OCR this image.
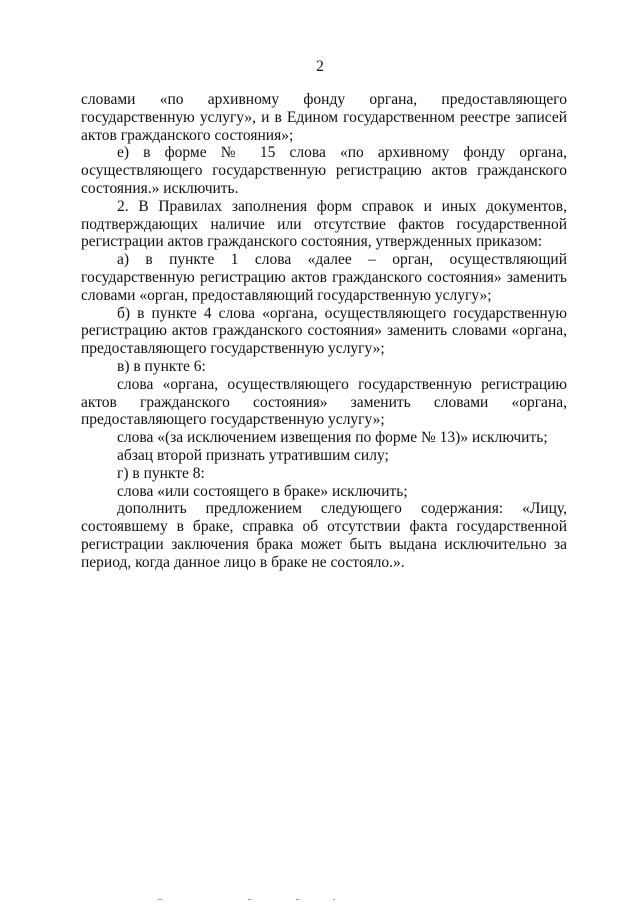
2

словами «по архивному фонду органа, предоставляющего государственную услугу», и в Едином государственном реестре записей актов гражданского состояния»;

е) в форме № 15 слова «по архивному фонду органа, осуществляющего государственную регистрацию актов гражданского состояния.» исключить.

2. В Правилах заполнения форм справок и иных документов, подтверждающих наличие или отсутствие фактов государственной регистрации актов гражданского состояния, утвержденных приказом:

а) в пункте 1 слова «далее – орган, осуществляющий государственную регистрацию актов гражданского состояния» заменить словами «орган, предоставляющий государственную услугу»;

б) в пункте 4 слова «органа, осуществляющего государственную регистрацию актов гражданского состояния» заменить словами «органа, предоставляющего государственную услугу»;

в) в пункте 6:

слова «органа, осуществляющего государственную регистрацию актов гражданского состояния» заменить словами «органа, предоставляющего государственную услугу»;

слова «(за исключением извещения по форме № 13)» исключить;

абзац второй признать утратившим силу;

г) в пункте 8:

слова «или состоящего в браке» исключить;

дополнить предложением следующего содержания: «Лицу, состоявшему в браке, справка об отсутствии факта государственной регистрации заключения брака может быть выдана исключительно за период, когда данное лицо в браке не состояло.».
